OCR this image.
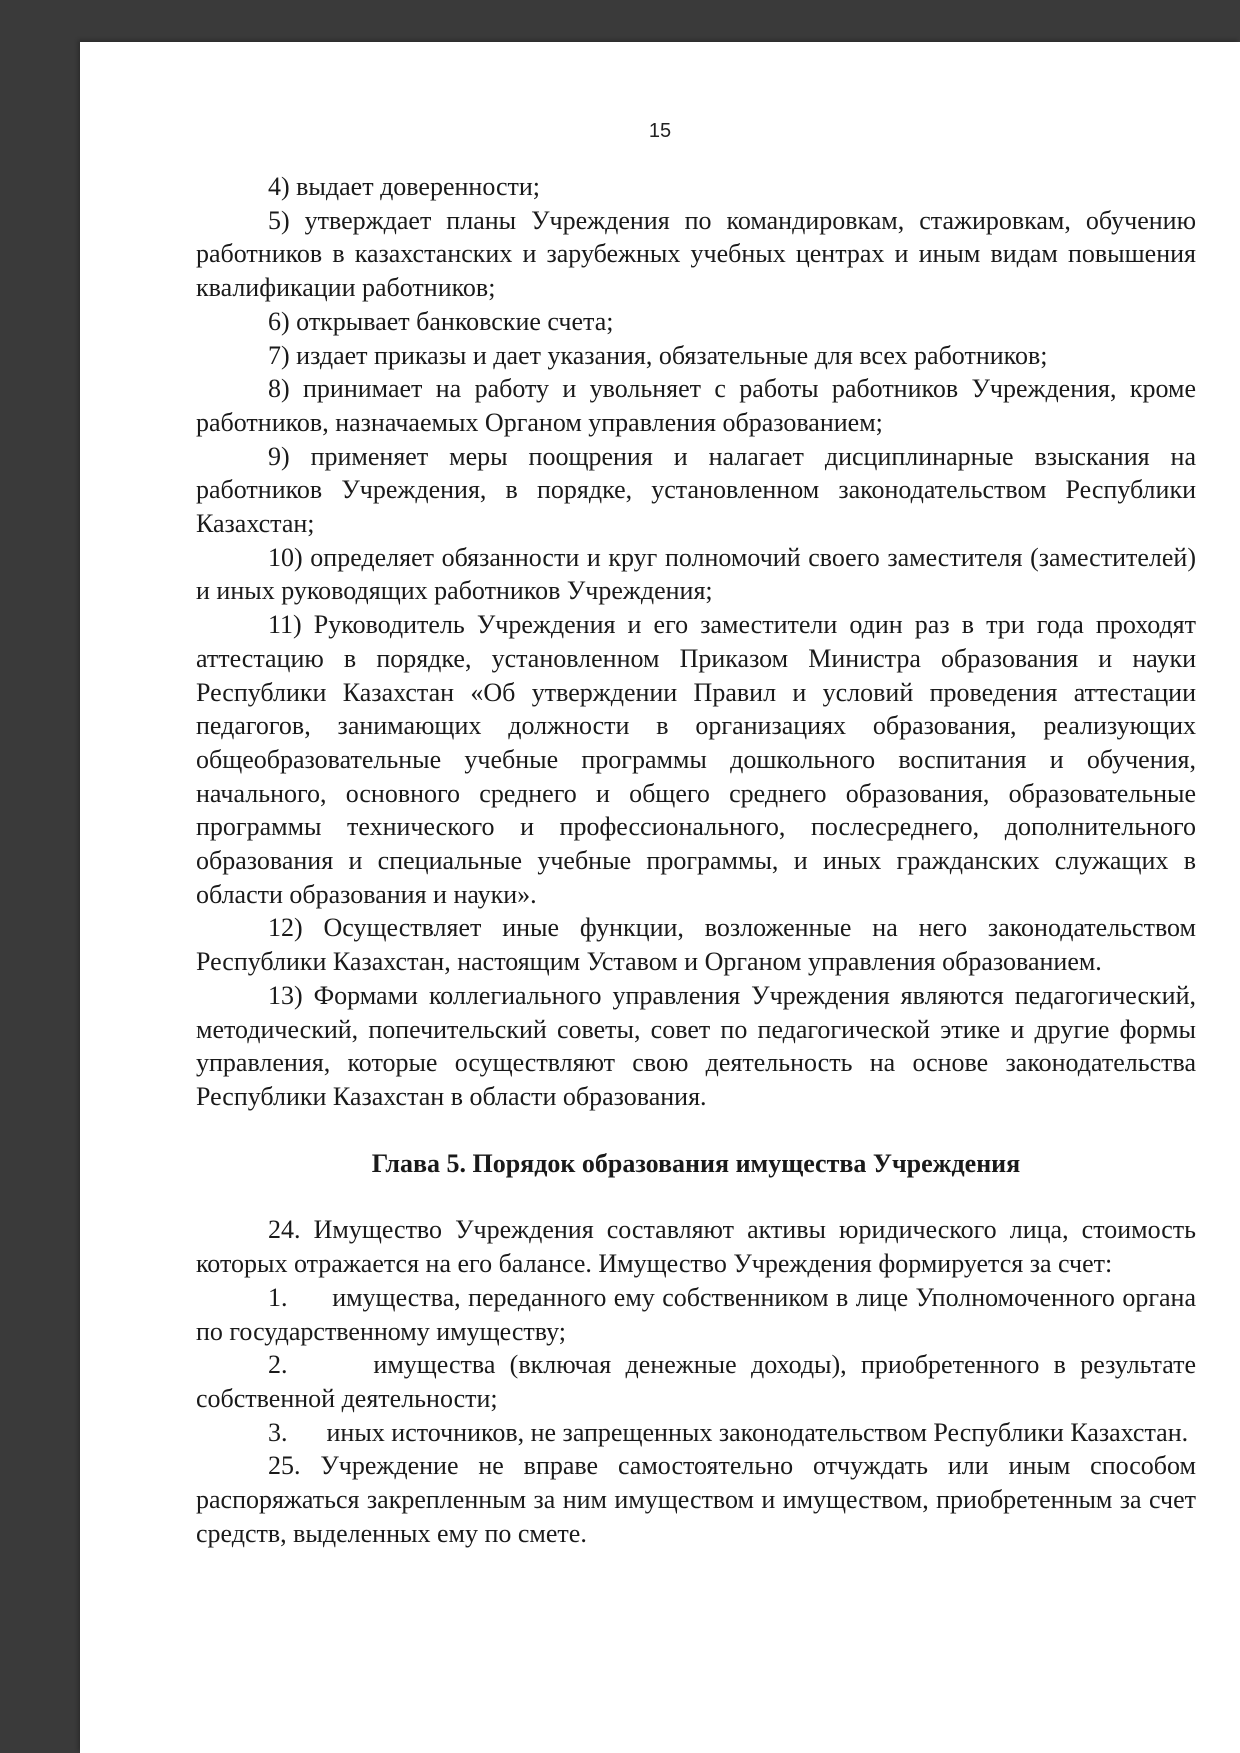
15

4) выдает доверенности;

5) утверждает планы Учреждения по командировкам, стажировкам, обучению работников в казахстанских и зарубежных учебных центрах и иным видам повышения квалификации работников;

6) открывает банковские счета;

7) издает приказы и дает указания, обязательные для всех работников;

8) принимает на работу и увольняет с работы работников Учреждения, кроме работников, назначаемых Органом управления образованием;

9) применяет меры поощрения и налагает дисциплинарные взыскания на работников Учреждения, в порядке, установленном законодательством Республики Казахстан;

10) определяет обязанности и круг полномочий своего заместителя (заместителей) и иных руководящих работников Учреждения;

11) Руководитель Учреждения и его заместители один раз в три года проходят аттестацию в порядке, установленном Приказом Министра образования и науки Республики Казахстан «Об утверждении Правил и условий проведения аттестации педагогов, занимающих должности в организациях образования, реализующих общеобразовательные учебные программы дошкольного воспитания и обучения, начального, основного среднего и общего среднего образования, образовательные программы технического и профессионального, послесреднего, дополнительного образования и специальные учебные программы, и иных гражданских служащих в области образования и науки».

12) Осуществляет иные функции, возложенные на него законодательством Республики Казахстан, настоящим Уставом и Органом управления образованием.

13) Формами коллегиального управления Учреждения являются педагогический, методический, попечительский советы, совет по педагогической этике и другие формы управления, которые осуществляют свою деятельность на основе законодательства Республики Казахстан в области образования.

Глава 5. Порядок образования имущества Учреждения

24. Имущество Учреждения составляют активы юридического лица, стоимость которых отражается на его балансе. Имущество Учреждения формируется за счет:

1.      имущества, переданного ему собственником в лице Уполномоченного органа по государственному имуществу;

2.      имущества (включая денежные доходы), приобретенного в результате собственной деятельности;

3.      иных источников, не запрещенных законодательством Республики Казахстан.

25. Учреждение не вправе самостоятельно отчуждать или иным способом распоряжаться закрепленным за ним имуществом и имуществом, приобретенным за счет средств, выделенных ему по смете.
